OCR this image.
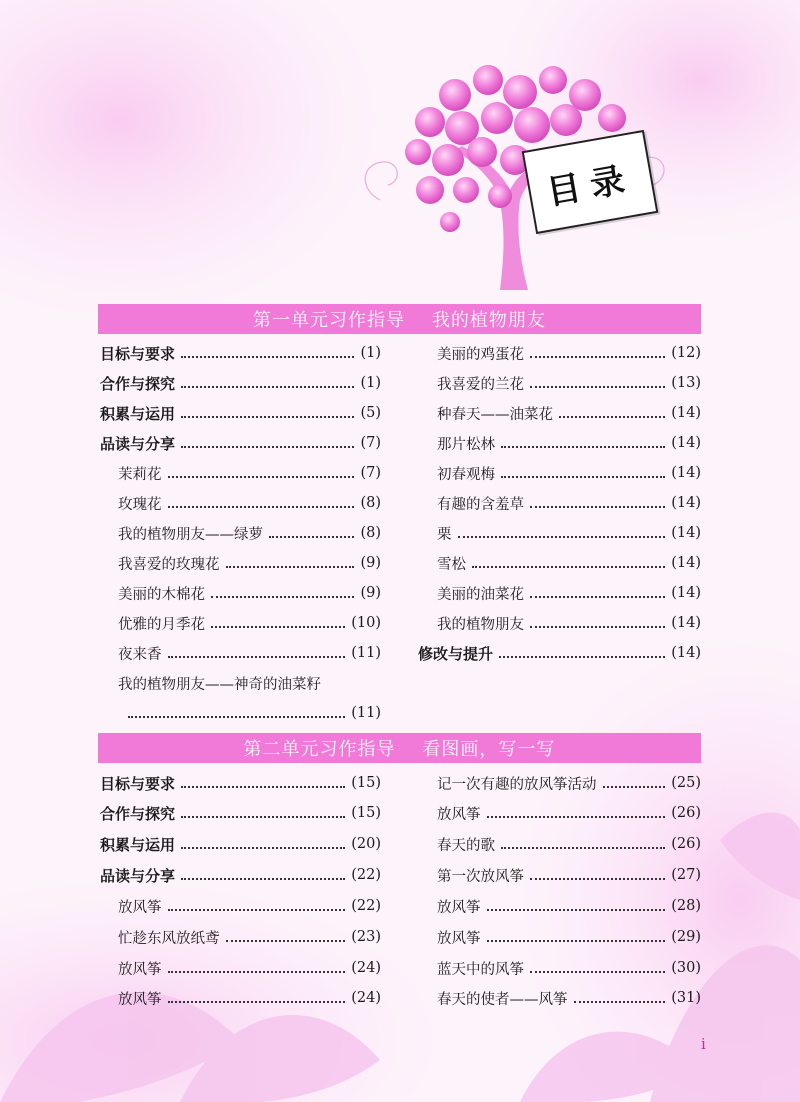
目录
第一单元习作指导    我的植物朋友
目标与要求	(1)
合作与探究	(1)
积累与运用	(5)
品读与分享	(7)
茉莉花	(7)
玫瑰花	(8)
我的植物朋友——绿萝	(8)
我喜爱的玫瑰花	(9)
美丽的木棉花	(9)
优雅的月季花	(10)
夜来香	(11)
我的植物朋友——神奇的油菜籽
(11)
美丽的鸡蛋花	(12)
我喜爱的兰花	(13)
种春天——油菜花	(14)
那片松林	(14)
初春观梅	(14)
有趣的含羞草	(14)
栗	(14)
雪松	(14)
美丽的油菜花	(14)
我的植物朋友	(14)
修改与提升	(14)
第二单元习作指导    看图画，写一写
目标与要求	(15)
合作与探究	(15)
积累与运用	(20)
品读与分享	(22)
放风筝	(22)
忙趁东风放纸鸢	(23)
放风筝	(24)
放风筝	(24)
记一次有趣的放风筝活动	(25)
放风筝	(26)
春天的歌	(26)
第一次放风筝	(27)
放风筝	(28)
放风筝	(29)
蓝天中的风筝	(30)
春天的使者——风筝	(31)
i
